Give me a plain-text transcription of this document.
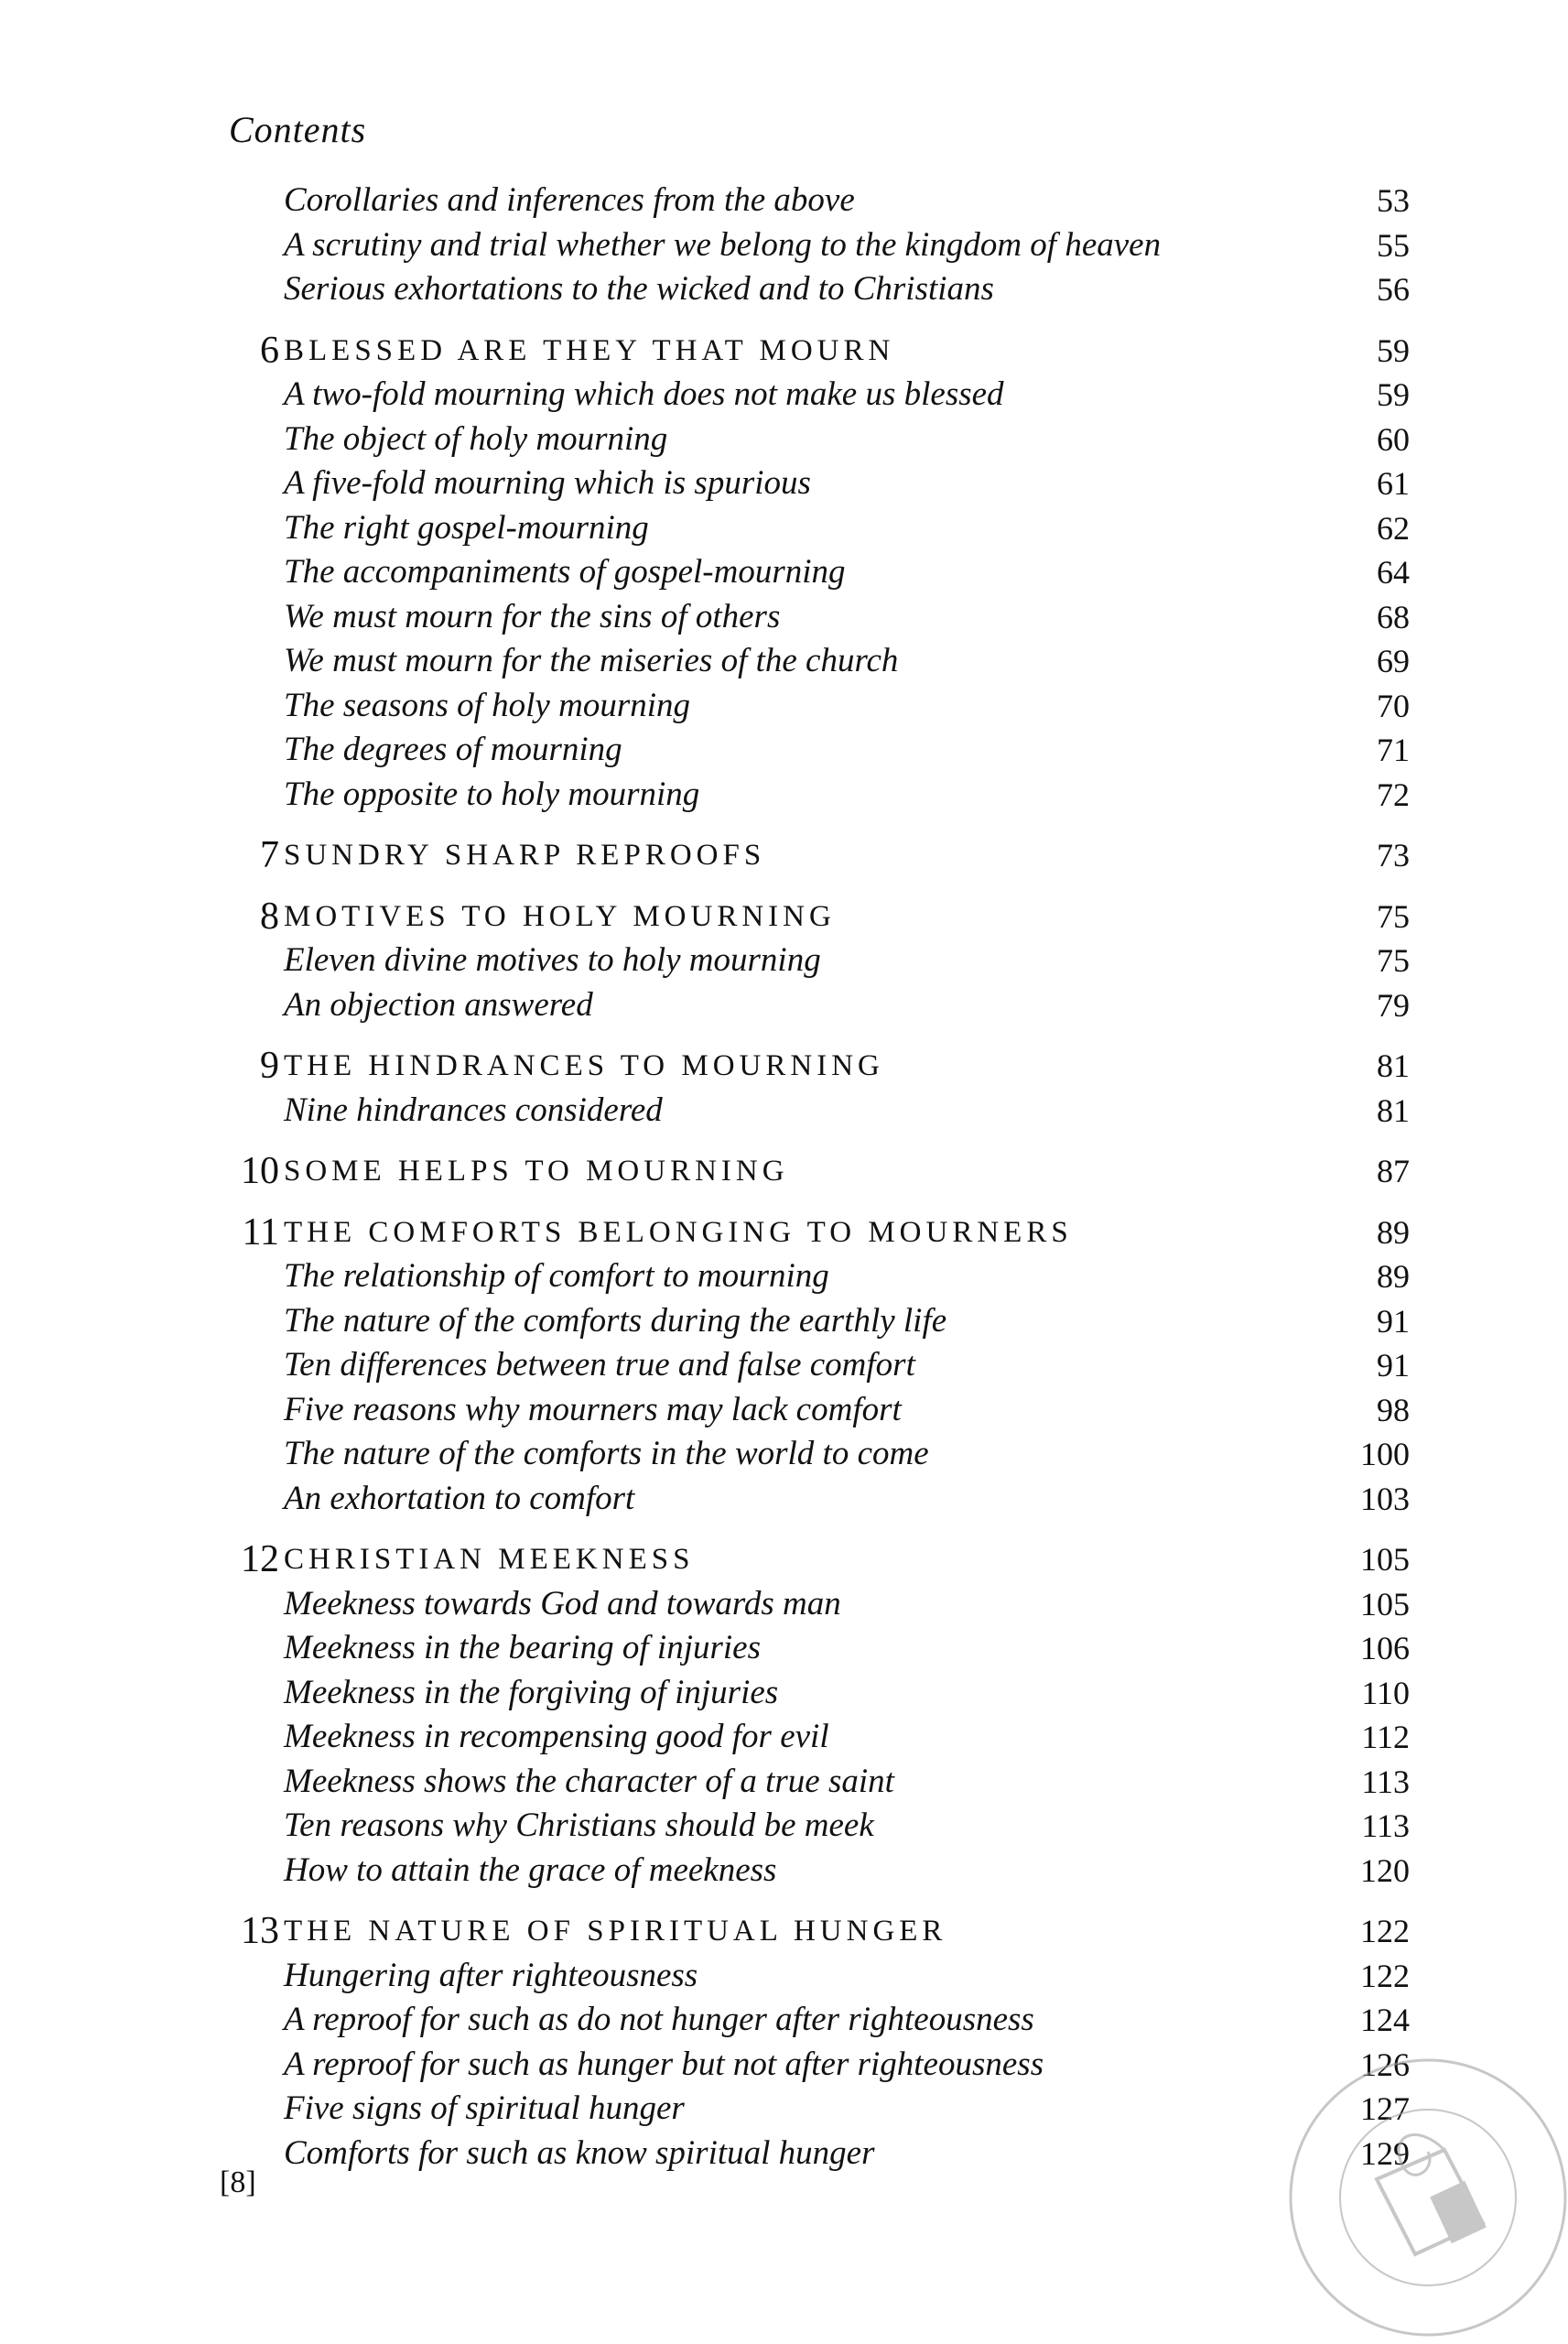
Contents
Corollaries and inferences from the above	53
A scrutiny and trial whether we belong to the kingdom of heaven	55
Serious exhortations to the wicked and to Christians	56
6 BLESSED ARE THEY THAT MOURN	59
A two-fold mourning which does not make us blessed	59
The object of holy mourning	60
A five-fold mourning which is spurious	61
The right gospel-mourning	62
The accompaniments of gospel-mourning	64
We must mourn for the sins of others	68
We must mourn for the miseries of the church	69
The seasons of holy mourning	70
The degrees of mourning	71
The opposite to holy mourning	72
7 SUNDRY SHARP REPROOFS	73
8 MOTIVES TO HOLY MOURNING	75
Eleven divine motives to holy mourning	75
An objection answered	79
9 THE HINDRANCES TO MOURNING	81
Nine hindrances considered	81
10 SOME HELPS TO MOURNING	87
11 THE COMFORTS BELONGING TO MOURNERS	89
The relationship of comfort to mourning	89
The nature of the comforts during the earthly life	91
Ten differences between true and false comfort	91
Five reasons why mourners may lack comfort	98
The nature of the comforts in the world to come	100
An exhortation to comfort	103
12 CHRISTIAN MEEKNESS	105
Meekness towards God and towards man	105
Meekness in the bearing of injuries	106
Meekness in the forgiving of injuries	110
Meekness in recompensing good for evil	112
Meekness shows the character of a true saint	113
Ten reasons why Christians should be meek	113
How to attain the grace of meekness	120
13 THE NATURE OF SPIRITUAL HUNGER	122
Hungering after righteousness	122
A reproof for such as do not hunger after righteousness	124
A reproof for such as hunger but not after righteousness	126
Five signs of spiritual hunger	127
Comforts for such as know spiritual hunger	129
[8]
